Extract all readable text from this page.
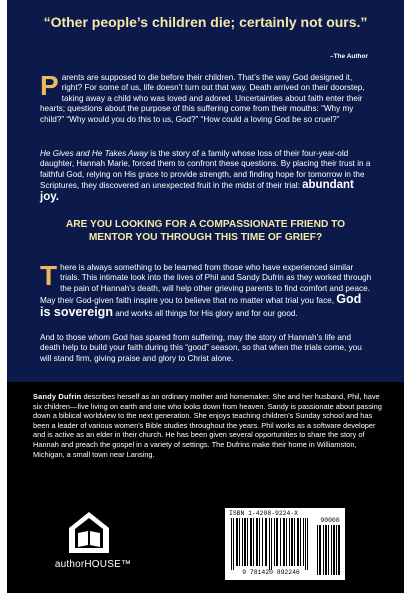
“Other people’s children die; certainly not ours.”
–The Author
Parents are supposed to die before their children. That’s the way God designed it, right? For some of us, life doesn’t turn out that way. Death arrived on their doorstep, taking away a child who was loved and adored. Uncertainties about faith enter their hearts; questions about the purpose of this suffering come from their mouths: “Why my child?” “Why would you do this to us, God?” “How could a loving God be so cruel?”
He Gives and He Takes Away is the story of a family whose loss of their four-year-old daughter, Hannah Marie, forced them to confront these questions. By placing their trust in a faithful God, relying on His grace to provide strength, and finding hope for tomorrow in the Scriptures, they discovered an unexpected fruit in the midst of their trial: abundant joy.
ARE YOU LOOKING FOR A COMPASSIONATE FRIEND TO MENTOR YOU THROUGH THIS TIME OF GRIEF?
There is always something to be learned from those who have experienced similar trials. This intimate look into the lives of Phil and Sandy Dufrin as they worked through the pain of Hannah’s death, will help other grieving parents to find comfort and peace. May their God-given faith inspire you to believe that no matter what trial you face, God is sovereign and works all things for His glory and for our good.
And to those whom God has spared from suffering, may the story of Hannah’s life and death help to build your faith during this “good” season, so that when the trials come, you will stand firm, giving praise and glory to Christ alone.
Sandy Dufrin describes herself as an ordinary mother and homemaker. She and her husband, Phil, have six children—five living on earth and one who looks down from heaven. Sandy is passionate about passing down a biblical worldview to the next generation. She enjoys teaching children’s Sunday school and has been a leader of various women’s Bible studies throughout the years. Phil works as a software developer and is active as an elder in their church. He has been given several opportunities to share the story of Hannah and preach the gospel in a variety of settings. The Dufrins make their home in Williamston, Michigan, a small town near Lansing.
authorHOUSE™
ISBN 1-4208-9224-X
90000
9 781420 892246
